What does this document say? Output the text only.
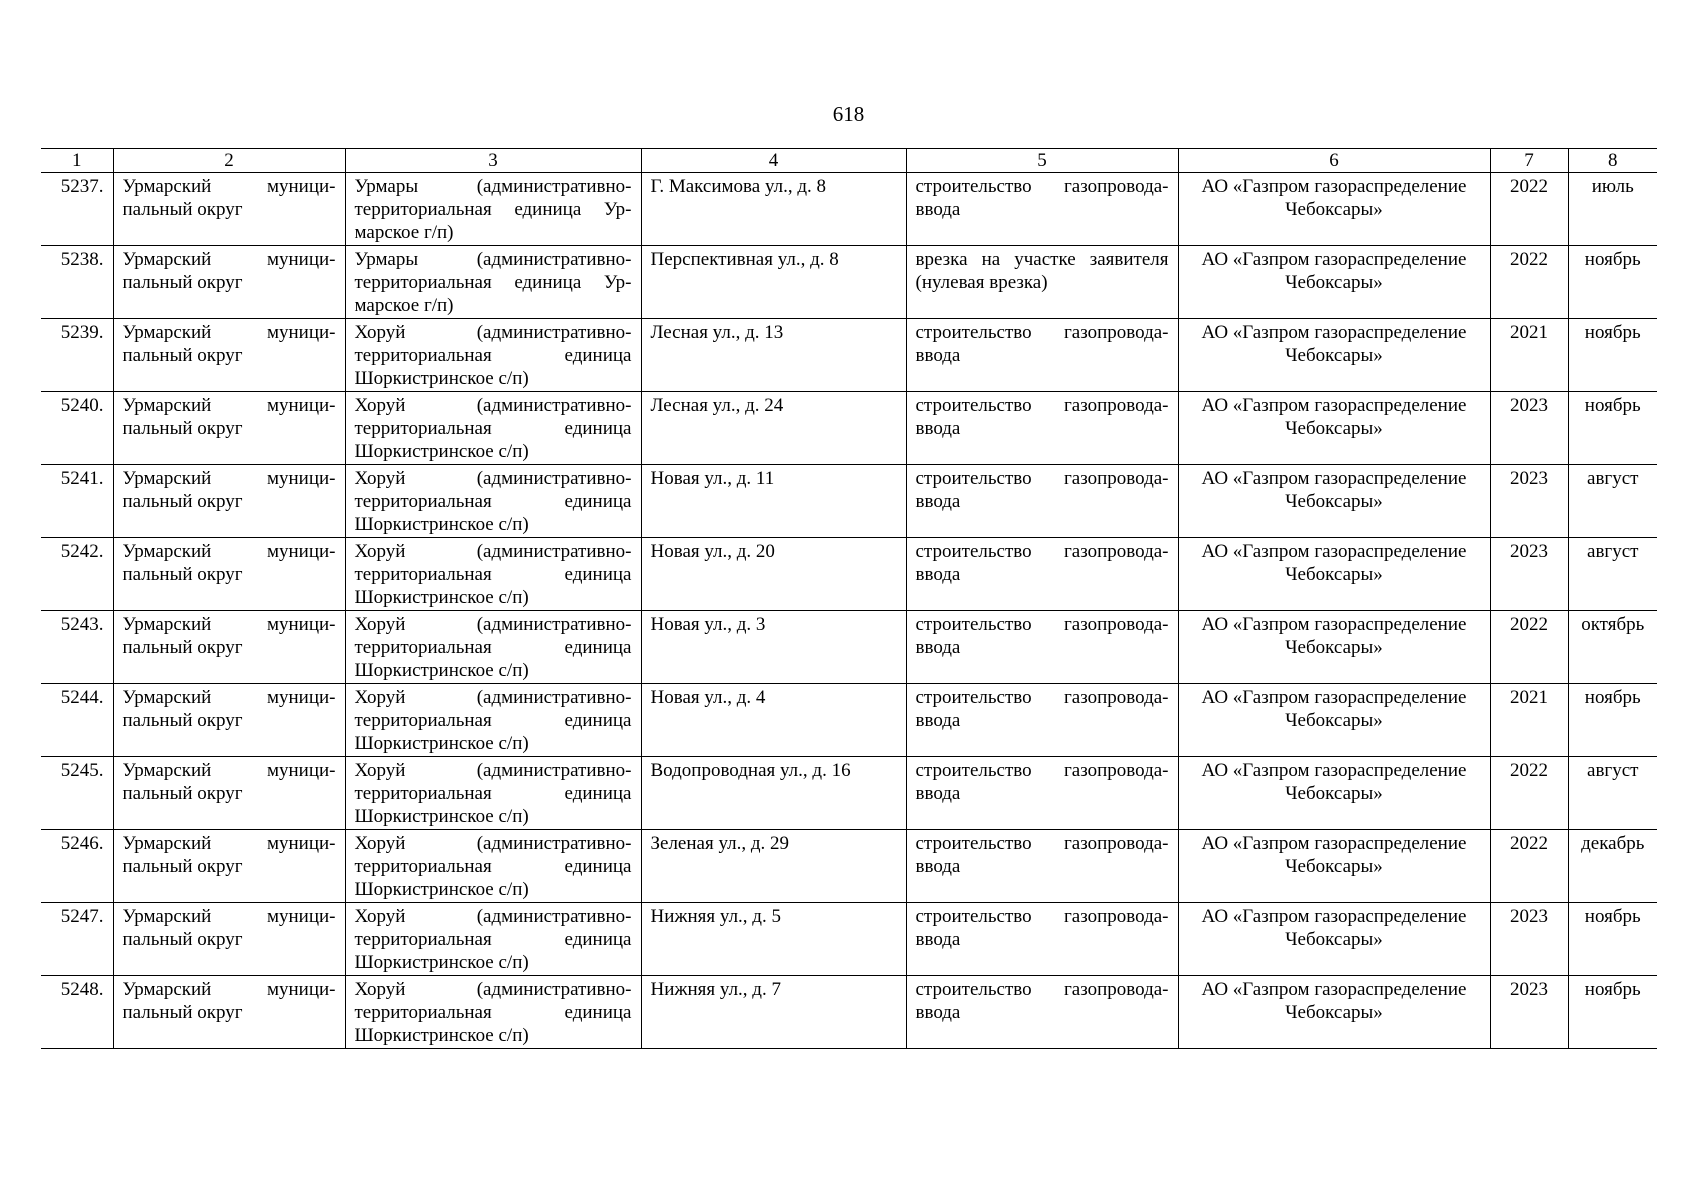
618
1	2	3	4	5	6	7	8
5237.	Урмарский муници-пальный округ	Урмары (административно-территориальная единица Ур-марское г/п)	Г. Максимова ул., д. 8	строительство газопровода-ввода	АО «Газпром газораспределение Чебоксары»	2022	июль
5238.	Урмарский муници-пальный округ	Урмары (административно-территориальная единица Ур-марское г/п)	Перспективная ул., д. 8	врезка на участке заявителя (нулевая врезка)	АО «Газпром газораспределение Чебоксары»	2022	ноябрь
5239.	Урмарский муници-пальный округ	Хоруй (административно-территориальная единица Шоркистринское с/п)	Лесная ул., д. 13	строительство газопровода-ввода	АО «Газпром газораспределение Чебоксары»	2021	ноябрь
5240.	Урмарский муници-пальный округ	Хоруй (административно-территориальная единица Шоркистринское с/п)	Лесная ул., д. 24	строительство газопровода-ввода	АО «Газпром газораспределение Чебоксары»	2023	ноябрь
5241.	Урмарский муници-пальный округ	Хоруй (административно-территориальная единица Шоркистринское с/п)	Новая ул., д. 11	строительство газопровода-ввода	АО «Газпром газораспределение Чебоксары»	2023	август
5242.	Урмарский муници-пальный округ	Хоруй (административно-территориальная единица Шоркистринское с/п)	Новая ул., д. 20	строительство газопровода-ввода	АО «Газпром газораспределение Чебоксары»	2023	август
5243.	Урмарский муници-пальный округ	Хоруй (административно-территориальная единица Шоркистринское с/п)	Новая ул., д. 3	строительство газопровода-ввода	АО «Газпром газораспределение Чебоксары»	2022	октябрь
5244.	Урмарский муници-пальный округ	Хоруй (административно-территориальная единица Шоркистринское с/п)	Новая ул., д. 4	строительство газопровода-ввода	АО «Газпром газораспределение Чебоксары»	2021	ноябрь
5245.	Урмарский муници-пальный округ	Хоруй (административно-территориальная единица Шоркистринское с/п)	Водопроводная ул., д. 16	строительство газопровода-ввода	АО «Газпром газораспределение Чебоксары»	2022	август
5246.	Урмарский муници-пальный округ	Хоруй (административно-территориальная единица Шоркистринское с/п)	Зеленая ул., д. 29	строительство газопровода-ввода	АО «Газпром газораспределение Чебоксары»	2022	декабрь
5247.	Урмарский муници-пальный округ	Хоруй (административно-территориальная единица Шоркистринское с/п)	Нижняя ул., д. 5	строительство газопровода-ввода	АО «Газпром газораспределение Чебоксары»	2023	ноябрь
5248.	Урмарский муници-пальный округ	Хоруй (административно-территориальная единица Шоркистринское с/п)	Нижняя ул., д. 7	строительство газопровода-ввода	АО «Газпром газораспределение Чебоксары»	2023	ноябрь
